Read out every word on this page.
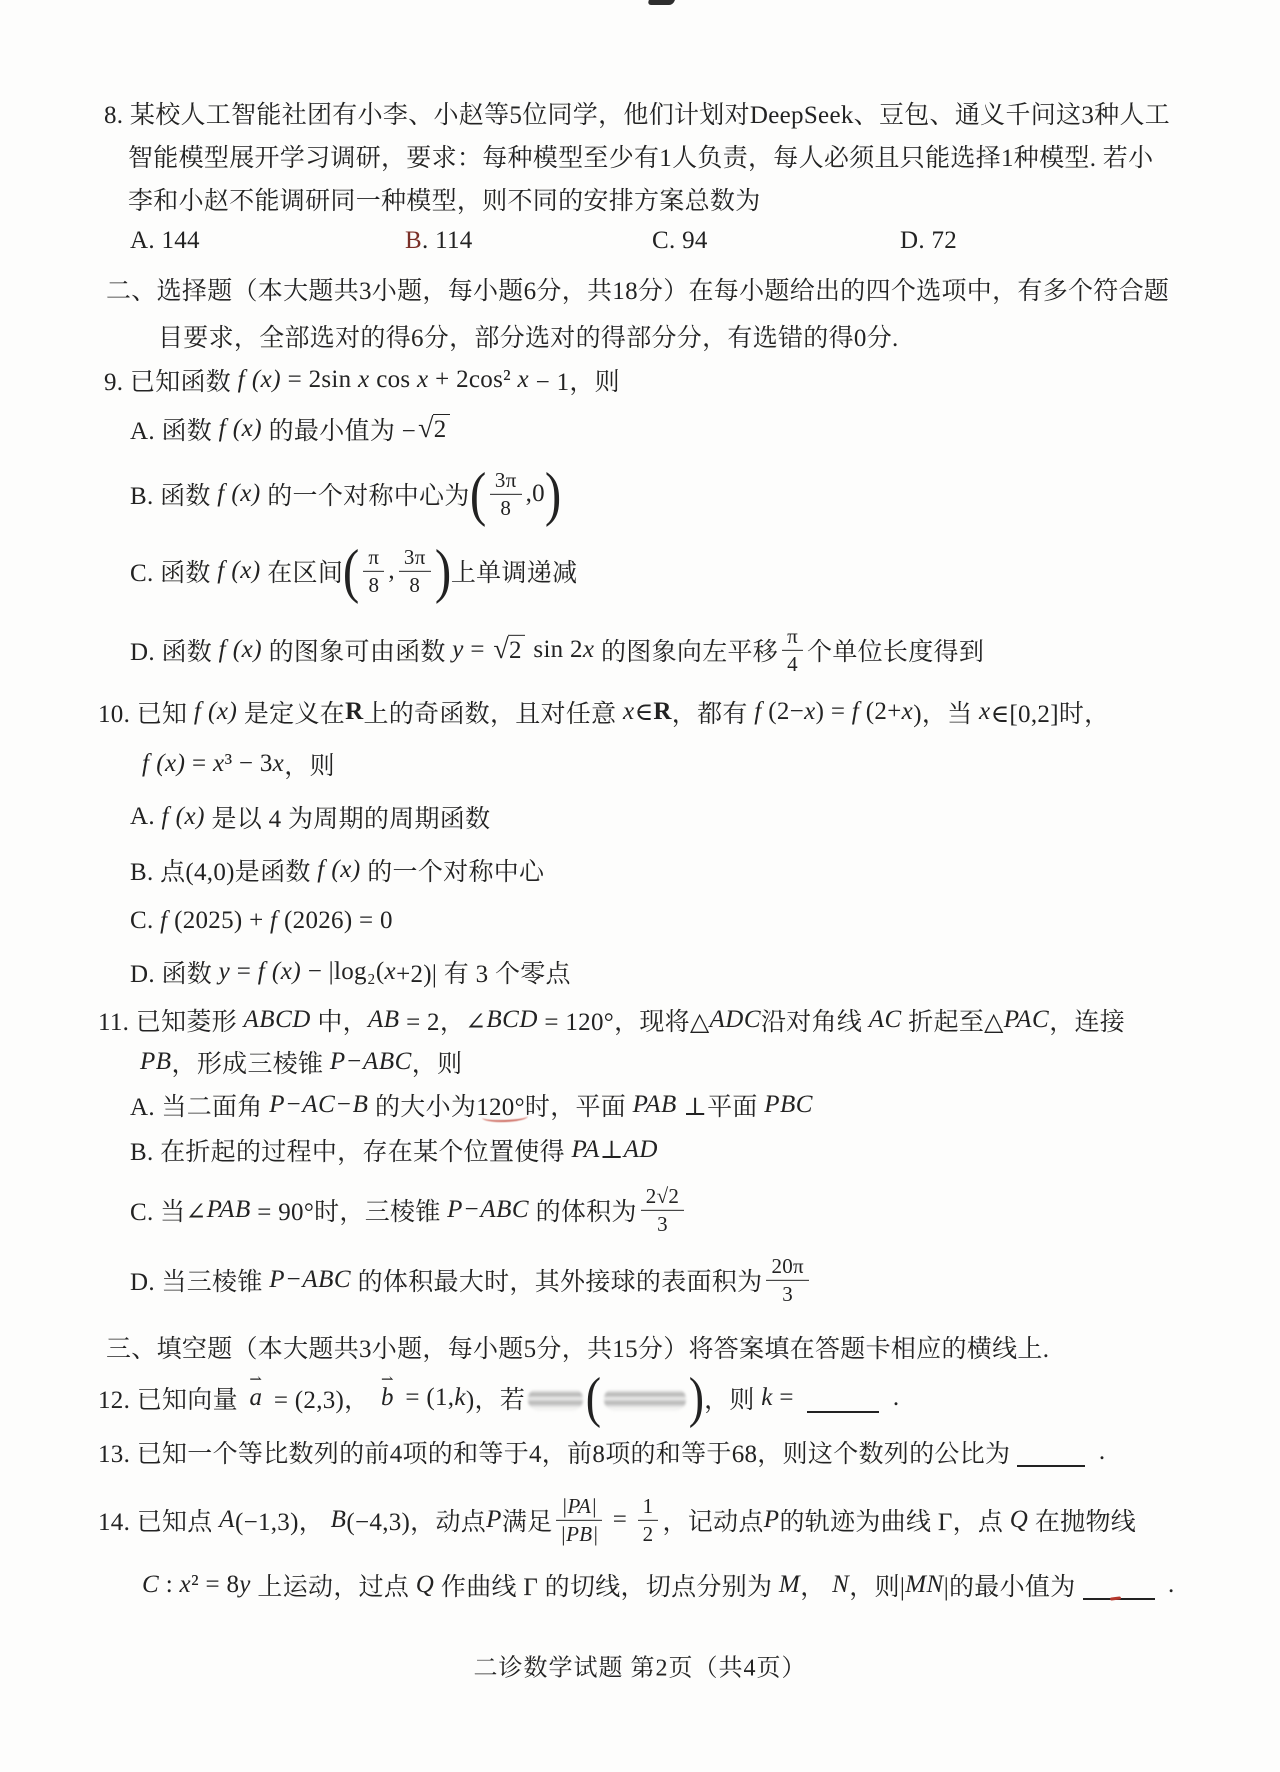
8. 某校人工智能社团有小李、小赵等5位同学，他们计划对DeepSeek、豆包、通义千问这3种人工
智能模型展开学习调研，要求：每种模型至少有1人负责，每人必须且只能选择1种模型. 若小
李和小赵不能调研同一种模型，则不同的安排方案总数为
A. 144	B . 114	C. 94	D. 72
二、选择题（本大题共3小题，每小题6分，共18分）在每小题给出的四个选项中，有多个符合题
目要求，全部选对的得6分，部分选对的得部分分，有选错的得0分.
9. 已知函数 f (x) = 2sin x cos x + 2cos² x − 1，则
A. 函数 f (x) 的最小值为 − √ 2
B. 函数 f (x) 的一个对称中心为 ( $\frac{3\pi}{8} ,0$ )
C. 函数 f (x) 在区间 ( $\frac{\pi}{8}$ , $\frac{3\pi}{8}$ ) 上单调递减
D. 函数 f (x) 的图象可由函数 y = √ 2 sin 2 x 的图象向左平移 $\frac{\pi}{4}$ 个单位长度得到
10. 已知 f (x) 是定义在 R 上的奇函数，且对任意 x ∈ R ，都有 f (2− x ) = f (2+ x )，当 x ∈[0,2]时，
f (x) = x ³ − 3 x ，则
A. f (x) 是以 4 为周期的周期函数
B. 点(4,0)是函数 f (x) 的一个对称中心
C. f (2025) + f (2026) = 0
D. 函数 y = f (x) − |log₂( x +2)| 有 3 个零点
11. 已知菱形 ABCD 中， AB = 2，∠ BCD = 120°，现将△ ADC 沿对角线 AC 折起至△ PAC ，连接
PB ，形成三棱锥 P−ABC ，则
A. 当二面角 P−AC−B 的大小为120°时，平面 PAB ⊥平面 PBC
B. 在折起的过程中，存在某个位置使得 PA ⊥ AD
C. 当∠ PAB = 90°时，三棱锥 P−ABC 的体积为 $\frac{2√2}{3}$
D. 当三棱锥 P−ABC 的体积最大时，其外接球的表面积为 $\frac{20\pi}{3}$
三、填空题（本大题共3小题，每小题5分，共15分）将答案填在答题卡相应的横线上.
12. 已知向量 a
⇀
= (2,3)， b
⇀
= (1, k )，若 ( ) ，则 k =	.
13. 已知一个等比数列的前4项的和等于4，前8项的和等于68，则这个数列的公比为	.
14. 已知点 A (−1,3)， B (−4,3)，动点 P 满足 $\frac{|PA|}{|PB|} = \frac{1}{2}$ ，记动点 P 的轨迹为曲线 Γ，点 Q 在抛物线
C : x ² = 8 y 上运动，过点 Q 作曲线 Γ 的切线，切点分别为 M ， N ，则| MN |的最小值为	.
二诊数学试题 第2页（共4页）
